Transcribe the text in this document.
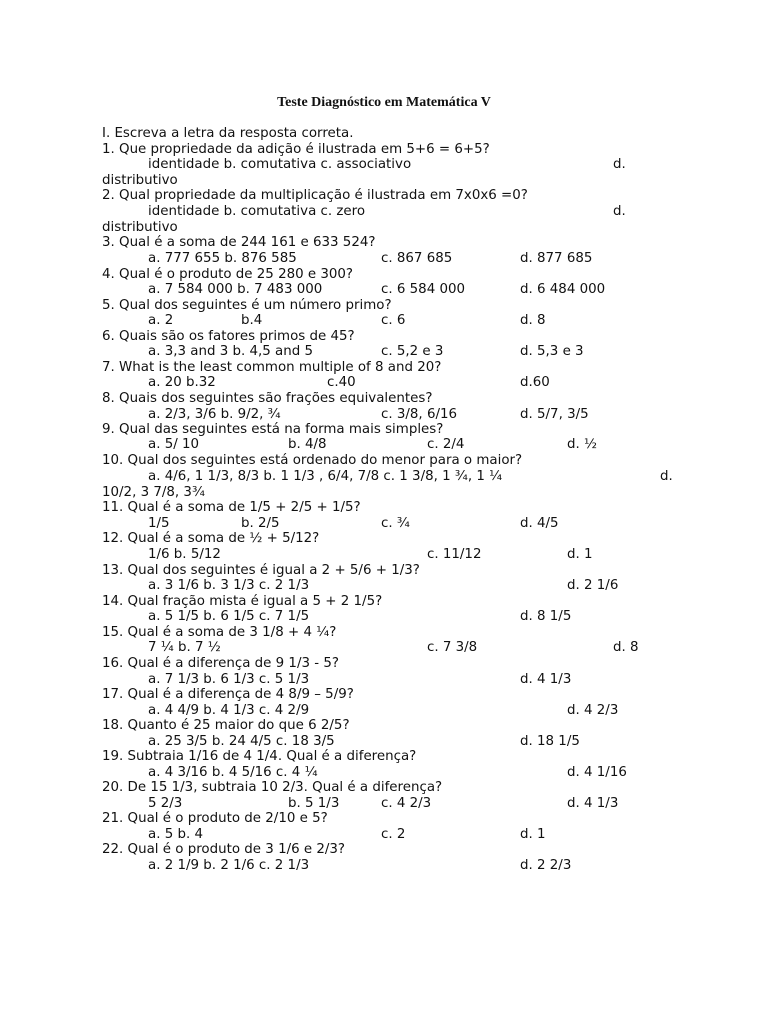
Teste Diagnóstico em Matemática V
I. Escreva a letra da resposta correta.
1. Que propriedade da adição é ilustrada em 5+6 = 6+5?
identidade b. comutativa c. associativo	d.
distributivo
2. Qual propriedade da multiplicação é ilustrada em 7x0x6 =0?
identidade b. comutativa c. zero	d.
distributivo
3. Qual é a soma de 244 161 e 633 524?
a. 777 655 b. 876 585	c. 867 685	d. 877 685
4. Qual é o produto de 25 280 e 300?
a. 7 584 000 b. 7 483 000	c. 6 584 000	d. 6 484 000
5. Qual dos seguintes é um número primo?
a. 2	b.4	c. 6	d. 8
6. Quais são os fatores primos de 45?
a. 3,3 and 3 b. 4,5 and 5	c. 5,2 e 3	d. 5,3 e 3
7. What is the least common multiple of 8 and 20?
a. 20 b.32	c.40	d.60
8. Quais dos seguintes são frações equivalentes?
a. 2/3, 3/6 b. 9/2, ¾	c. 3/8, 6/16	d. 5/7, 3/5
9. Qual das seguintes está na forma mais simples?
a. 5/ 10	b. 4/8	c. 2/4	d. ½
10. Qual dos seguintes está ordenado do menor para o maior?
a. 4/6, 1 1/3, 8/3 b. 1 1/3 , 6/4, 7/8 c. 1 3/8, 1 ¾, 1 ¼	d.
10/2, 3 7/8, 3¾
11. Qual é a soma de 1/5 + 2/5 + 1/5?
1/5	b. 2/5	c. ¾	d. 4/5
12. Qual é a soma de ½ + 5/12?
1/6 b. 5/12	c. 11/12	d. 1
13. Qual dos seguintes é igual a 2 + 5/6 + 1/3?
a. 3 1/6 b. 3 1/3 c. 2 1/3	d. 2 1/6
14. Qual fração mista é igual a 5 + 2 1/5?
a. 5 1/5 b. 6 1/5 c. 7 1/5	d. 8 1/5
15. Qual é a soma de 3 1/8 + 4 ¼?
7 ¼ b. 7 ½	c. 7 3/8	d. 8
16. Qual é a diferença de 9 1/3 - 5?
a. 7 1/3 b. 6 1/3 c. 5 1/3	d. 4 1/3
17. Qual é a diferença de 4 8/9 – 5/9?
a. 4 4/9 b. 4 1/3 c. 4 2/9	d. 4 2/3
18. Quanto é 25 maior do que 6 2/5?
a. 25 3/5 b. 24 4/5 c. 18 3/5	d. 18 1/5
19. Subtraia 1/16 de 4 1/4. Qual é a diferença?
a. 4 3/16 b. 4 5/16 c. 4 ¼	d. 4 1/16
20. De 15 1/3, subtraia 10 2/3. Qual é a diferença?
5 2/3	b. 5 1/3	c. 4 2/3	d. 4 1/3
21. Qual é o produto de 2/10 e 5?
a. 5 b. 4	c. 2	d. 1
22. Qual é o produto de 3 1/6 e 2/3?
a. 2 1/9 b. 2 1/6 c. 2 1/3	d. 2 2/3
